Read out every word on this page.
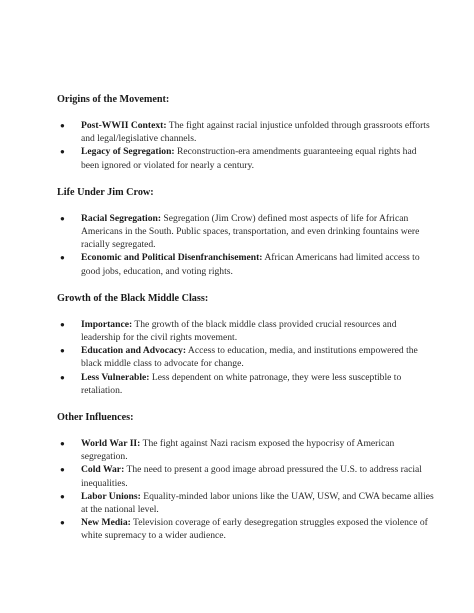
Origins of the Movement:
● Post-WWII Context: The fight against racial injustice unfolded through grassroots efforts and legal/legislative channels.
● Legacy of Segregation: Reconstruction-era amendments guaranteeing equal rights had been ignored or violated for nearly a century.
Life Under Jim Crow:
● Racial Segregation: Segregation (Jim Crow) defined most aspects of life for African Americans in the South. Public spaces, transportation, and even drinking fountains were racially segregated.
● Economic and Political Disenfranchisement: African Americans had limited access to good jobs, education, and voting rights.
Growth of the Black Middle Class:
● Importance: The growth of the black middle class provided crucial resources and leadership for the civil rights movement.
● Education and Advocacy: Access to education, media, and institutions empowered the black middle class to advocate for change.
● Less Vulnerable: Less dependent on white patronage, they were less susceptible to retaliation.
Other Influences:
● World War II: The fight against Nazi racism exposed the hypocrisy of American segregation.
● Cold War: The need to present a good image abroad pressured the U.S. to address racial inequalities.
● Labor Unions: Equality-minded labor unions like the UAW, USW, and CWA became allies at the national level.
● New Media: Television coverage of early desegregation struggles exposed the violence of white supremacy to a wider audience.
